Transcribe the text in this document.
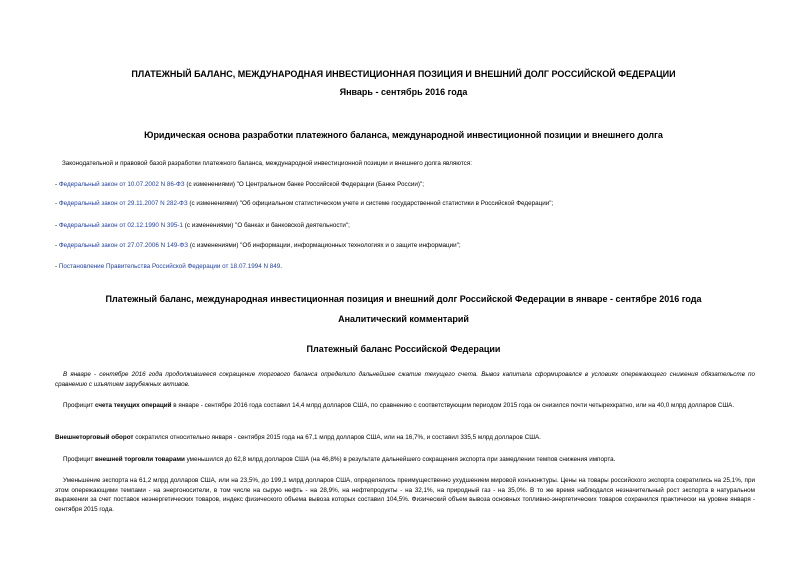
ПЛАТЕЖНЫЙ БАЛАНС, МЕЖДУНАРОДНАЯ ИНВЕСТИЦИОННАЯ ПОЗИЦИЯ И ВНЕШНИЙ ДОЛГ РОССИЙСКОЙ ФЕДЕРАЦИИ
Январь - сентябрь 2016 года
Юридическая основа разработки платежного баланса, международной инвестиционной позиции и внешнего долга
Законодательной и правовой базой разработки платежного баланса, международной инвестиционной позиции и внешнего долга являются:
- Федеральный закон от 10.07.2002 N 86-ФЗ (с изменениями) "О Центральном банке Российской Федерации (Банке России)";
- Федеральный закон от 29.11.2007 N 282-ФЗ (с изменениями) "Об официальном статистическом учете и системе государственной статистики в Российской Федерации";
- Федеральный закон от 02.12.1990 N 395-1 (с изменениями) "О банках и банковской деятельности";
- Федеральный закон от 27.07.2006 N 149-ФЗ (с изменениями) "Об информации, информационных технологиях и о защите информации";
- Постановление Правительства Российской Федерации от 18.07.1994 N 849.
Платежный баланс, международная инвестиционная позиция и внешний долг Российской Федерации в январе - сентябре 2016 года
Аналитический комментарий
Платежный баланс Российской Федерации
В январе - сентябре 2016 года продолжившееся сокращение торгового баланса определило дальнейшее сжатие текущего счета. Вывоз капитала сформировался в условиях опережающего снижения обязательств по сравнению с изъятием зарубежных активов.
Профицит счета текущих операций в январе - сентябре 2016 года составил 14,4 млрд долларов США, по сравнению с соответствующим периодом 2015 года он снизился почти четырехкратно, или на 40,0 млрд долларов США.
Внешнеторговый оборот сократился относительно января - сентября 2015 года на 67,1 млрд долларов США, или на 16,7%, и составил 335,5 млрд долларов США.
Профицит внешней торговли товарами уменьшился до 62,8 млрд долларов США (на 46,8%) в результате дальнейшего сокращения экспорта при замедлении темпов снижения импорта.
Уменьшение экспорта на 61,2 млрд долларов США, или на 23,5%, до 199,1 млрд долларов США, определялось преимущественно ухудшением мировой конъюнктуры. Цены на товары российского экспорта сократились на 25,1%, при этом опережающими темпами - на энергоносители, в том числе на сырую нефть - на 28,9%, на нефтепродукты - на 32,1%, на природный газ - на 35,0%. В то же время наблюдался незначительный рост экспорта в натуральном выражении за счет поставок неэнергетических товаров, индекс физического объема вывоза которых составил 104,5%. Физический объем вывоза основных топливно-энергетических товаров сохранился практически на уровне января - сентября 2015 года.
